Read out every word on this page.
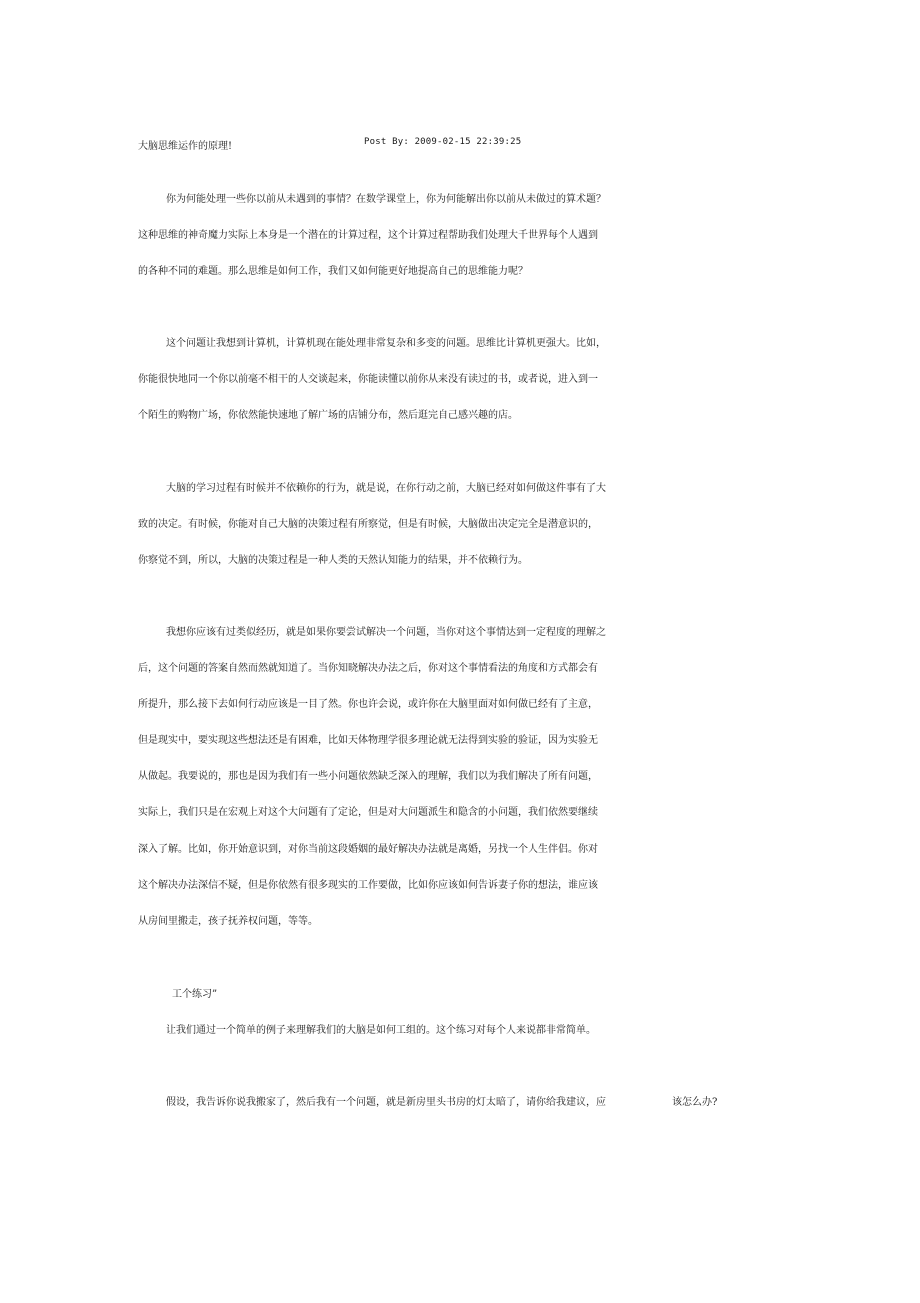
大脑思维运作的原理!	Post By: 2009-02-15 22:39:25
你为何能处理一些你以前从未遇到的事情？在数学课堂上，你为何能解出你以前从未做过的算术题？
这种思维的神奇魔力实际上本身是一个潜在的计算过程，这个计算过程帮助我们处理大千世界每个人遇到
的各种不同的难题。那么思维是如何工作，我们又如何能更好地提高自己的思维能力呢？
这个问题让我想到计算机，计算机现在能处理非常复杂和多变的问题。思维比计算机更强大。比如，
你能很快地同一个你以前毫不相干的人交谈起来，你能读懂以前你从来没有读过的书，或者说，进入到一
个陌生的购物广场，你依然能快速地了解广场的店铺分布，然后逛完自己感兴趣的店。
大脑的学习过程有时候并不依赖你的行为，就是说，在你行动之前，大脑已经对如何做这件事有了大
致的决定。有时候，你能对自己大脑的决策过程有所察觉，但是有时候，大脑做出决定完全是潜意识的，
你察觉不到，所以，大脑的决策过程是一种人类的天然认知能力的结果，并不依赖行为。
我想你应该有过类似经历，就是如果你要尝试解决一个问题，当你对这个事情达到一定程度的理解之
后，这个问题的答案自然而然就知道了。当你知晓解决办法之后，你对这个事情看法的角度和方式都会有
所提升，那么接下去如何行动应该是一目了然。你也许会说，或许你在大脑里面对如何做已经有了主意，
但是现实中，要实现这些想法还是有困难，比如天体物理学很多理论就无法得到实验的验证，因为实验无
从做起。我要说的，那也是因为我们有一些小问题依然缺乏深入的理解，我们以为我们解决了所有问题，
实际上，我们只是在宏观上对这个大问题有了定论，但是对大问题派生和隐含的小问题，我们依然要继续
深入了解。比如，你开始意识到，对你当前这段婚姻的最好解决办法就是离婚，另找一个人生伴侣。你对
这个解决办法深信不疑，但是你依然有很多现实的工作要做，比如你应该如何告诉妻子你的想法，谁应该
从房间里搬走，孩子抚养权问题，等等。
工个练习”
让我们通过一个简单的例子来理解我们的大脑是如何工组的。这个练习对每个人来说都非常简单。
假设，我告诉你说我搬家了，然后我有一个问题，就是新房里头书房的灯太暗了，请你给我建议，应	该怎么办?
